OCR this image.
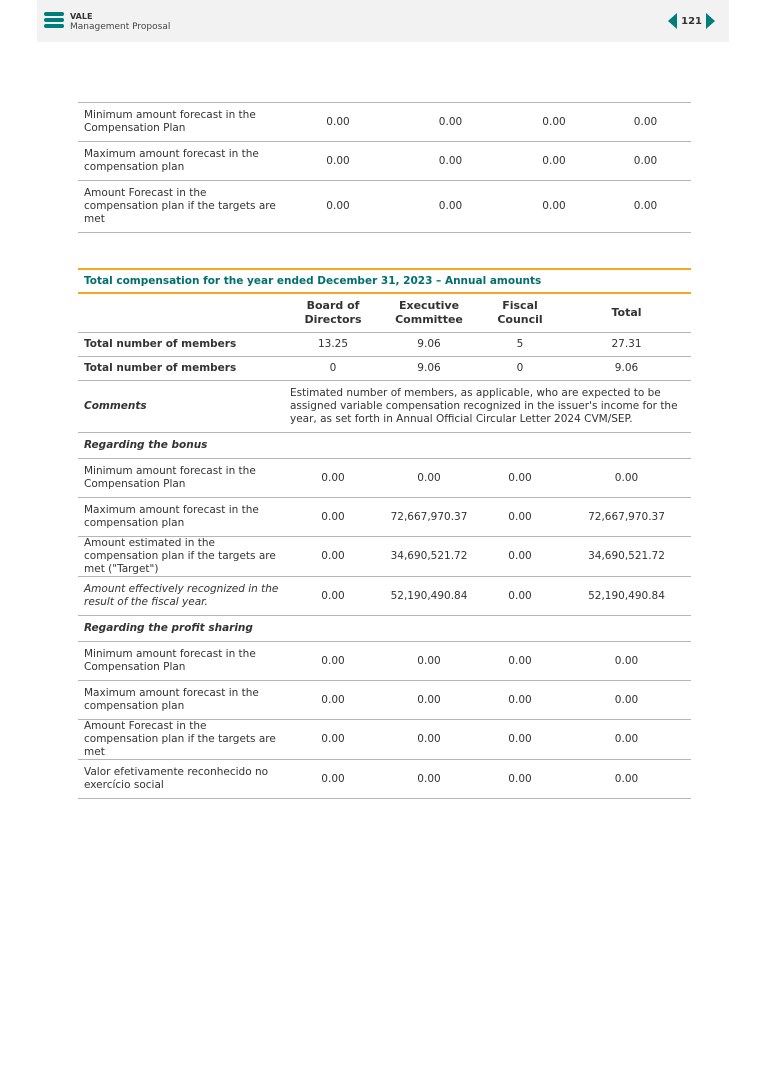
VALE
Management Proposal
121
Minimum amount forecast in the Compensation Plan	0.00	0.00	0.00	0.00
Maximum amount forecast in the compensation plan	0.00	0.00	0.00	0.00
Amount Forecast in the compensation plan if the targets are met	0.00	0.00	0.00	0.00
Total compensation for the year ended December 31, 2023 – Annual amounts				
	Board of Directors	Executive Committee	Fiscal Council	Total
Total number of members	13.25	9.06	5	27.31
Total number of members	0	9.06	0	9.06
Comments	Estimated number of members, as applicable, who are expected to be assigned variable compensation recognized in the issuer's income for the year, as set forth in Annual Official Circular Letter 2024 CVM/SEP.			
Regarding the bonus				
Minimum amount forecast in the Compensation Plan	0.00	0.00	0.00	0.00
Maximum amount forecast in the compensation plan	0.00	72,667,970.37	0.00	72,667,970.37
Amount estimated in the compensation plan if the targets are met ("Target")	0.00	34,690,521.72	0.00	34,690,521.72
Amount effectively recognized in the result of the fiscal year.	0.00	52,190,490.84	0.00	52,190,490.84
Regarding the profit sharing				
Minimum amount forecast in the Compensation Plan	0.00	0.00	0.00	0.00
Maximum amount forecast in the compensation plan	0.00	0.00	0.00	0.00
Amount Forecast in the compensation plan if the targets are met	0.00	0.00	0.00	0.00
Valor efetivamente reconhecido no exercício social	0.00	0.00	0.00	0.00
